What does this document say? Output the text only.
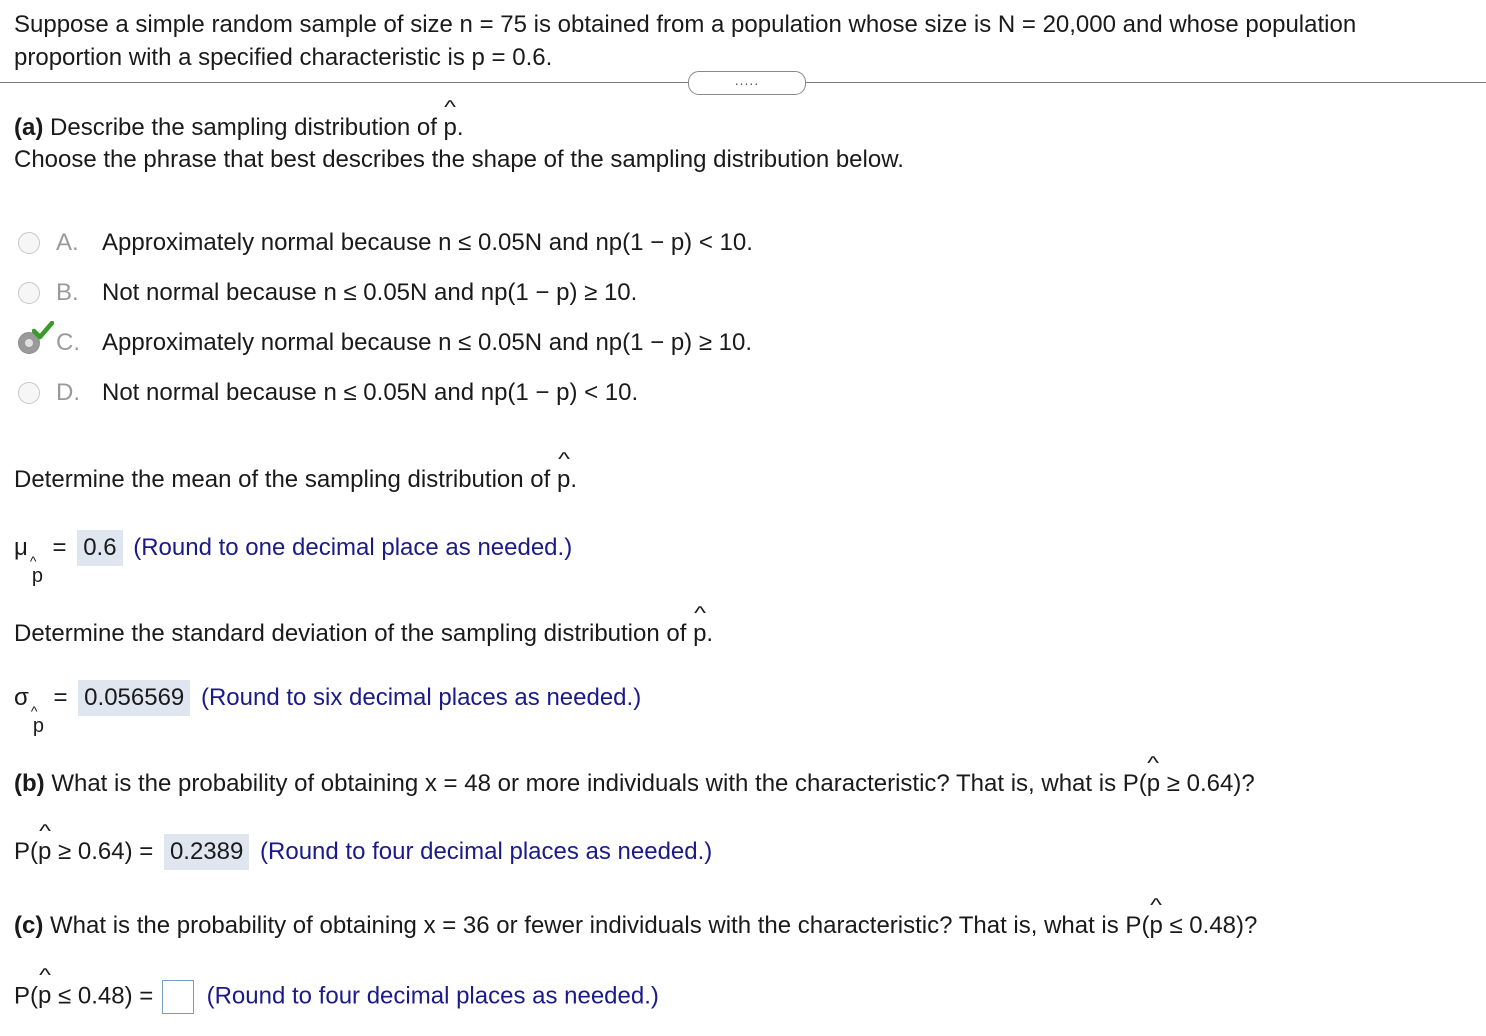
Suppose a simple random sample of size n = 75 is obtained from a population whose size is N = 20,000 and whose population
proportion with a specified characteristic is p = 0.6.
.....
(a) Describe the sampling distribution of
^
p.
Choose the phrase that best describes the shape of the sampling distribution below.
A. Approximately normal because n ≤ 0.05N and np(1 − p) < 10.
B. Not normal because n ≤ 0.05N and np(1 − p) ≥ 10.
C. Approximately normal because n ≤ 0.05N and np(1 − p) ≥ 10.
D. Not normal because n ≤ 0.05N and np(1 − p) < 10.
Determine the mean of the sampling distribution of
^
p.
μ ^
p
= 0.6 (Round to one decimal place as needed.)
Determine the standard deviation of the sampling distribution of
^
p.
σ ^
p
= 0.056569 (Round to six decimal places as needed.)
(b) What is the probability of obtaining x = 48 or more individuals with the characteristic? That is, what is P(
^
p ≥ 0.64)?
P(
^
p ≥ 0.64) = 0.2389 (Round to four decimal places as needed.)
(c) What is the probability of obtaining x = 36 or fewer individuals with the characteristic? That is, what is P(
^
p ≤ 0.48)?
P(
^
p ≤ 0.48) = (Round to four decimal places as needed.)
